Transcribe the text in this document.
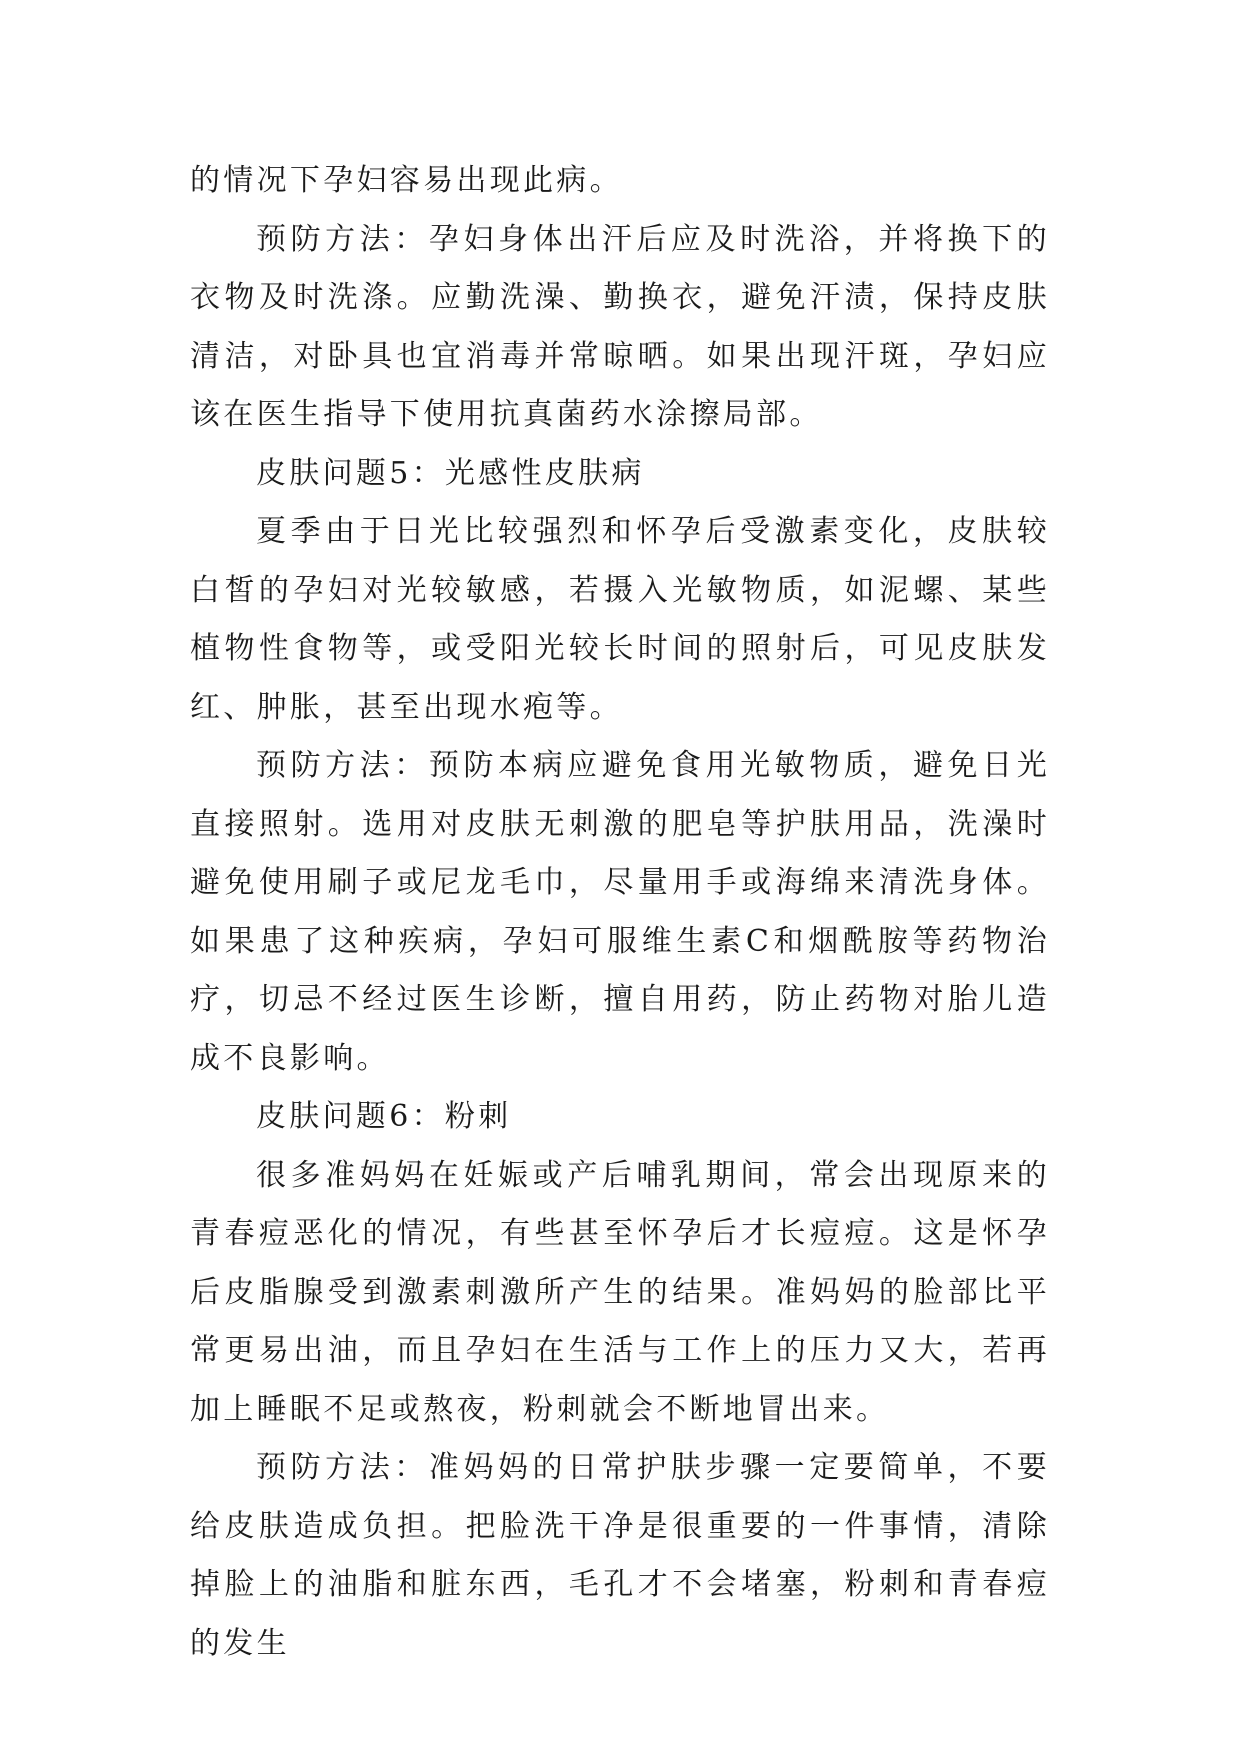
的情况下孕妇容易出现此病。

预防方法：孕妇身体出汗后应及时洗浴，并将换下的衣物及时洗涤。应勤洗澡、勤换衣，避免汗渍，保持皮肤清洁，对卧具也宜消毒并常晾晒。如果出现汗斑，孕妇应该在医生指导下使用抗真菌药水涂擦局部。

皮肤问题5：光感性皮肤病

夏季由于日光比较强烈和怀孕后受激素变化，皮肤较白皙的孕妇对光较敏感，若摄入光敏物质，如泥螺、某些植物性食物等，或受阳光较长时间的照射后，可见皮肤发红、肿胀，甚至出现水疱等。

预防方法：预防本病应避免食用光敏物质，避免日光直接照射。选用对皮肤无刺激的肥皂等护肤用品，洗澡时避免使用刷子或尼龙毛巾，尽量用手或海绵来清洗身体。如果患了这种疾病，孕妇可服维生素C和烟酰胺等药物治疗，切忌不经过医生诊断，擅自用药，防止药物对胎儿造成不良影响。

皮肤问题6：粉刺

很多准妈妈在妊娠或产后哺乳期间，常会出现原来的青春痘恶化的情况，有些甚至怀孕后才长痘痘。这是怀孕后皮脂腺受到激素刺激所产生的结果。准妈妈的脸部比平常更易出油，而且孕妇在生活与工作上的压力又大，若再加上睡眠不足或熬夜，粉刺就会不断地冒出来。

预防方法：准妈妈的日常护肤步骤一定要简单，不要给皮肤造成负担。把脸洗干净是很重要的一件事情，清除掉脸上的油脂和脏东西，毛孔才不会堵塞，粉刺和青春痘的发生
